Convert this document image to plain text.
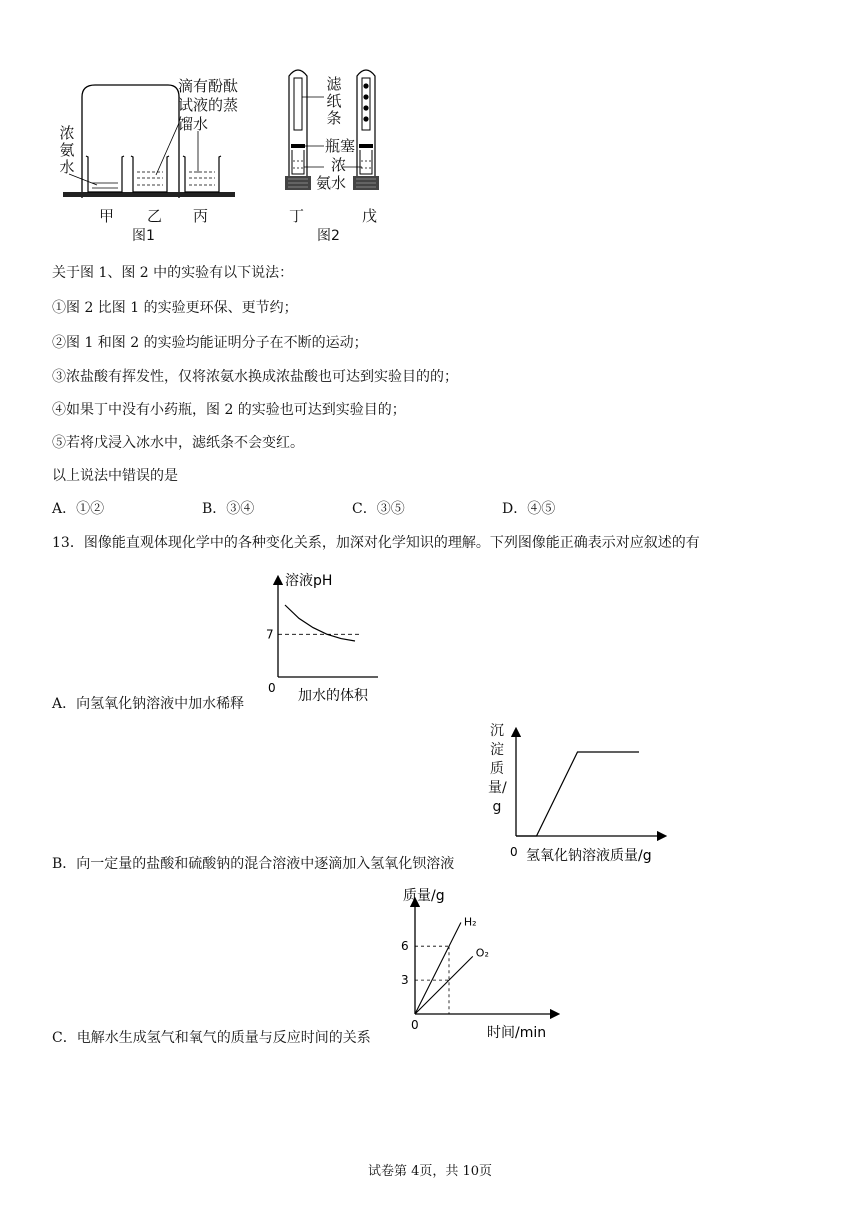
浓氨水
滴有酚酞
试液的蒸
馏水
甲 乙 丙
图1
滤纸条
瓶塞
浓
氨水
丁	戊
图2
关于图 1、图 2 中的实验有以下说法：
①图 2 比图 1 的实验更环保、更节约；
②图 1 和图 2 的实验均能证明分子在不断的运动；
③浓盐酸有挥发性，仅将浓氨水换成浓盐酸也可达到实验目的的；
④如果丁中没有小药瓶，图 2 的实验也可达到实验目的；
⑤若将戊浸入冰水中，滤纸条不会变红。
以上说法中错误的是
A．①②	B．③④	C．③⑤	D．④⑤
13．图像能直观体现化学中的各种变化关系，加深对化学知识的理解。下列图像能正确表示对应叙述的有
溶液pH
加水的体积
0
7
A．向氢氧化钠溶液中加水稀释
0 氢氧化钠溶液质量/g
沉淀质量/g
B．向一定量的盐酸和硫酸钠的混合溶液中逐滴加入氢氧化钡溶液
质量/g
时间/min
0
3
6
H₂
O₂
C．电解水生成氢气和氧气的质量与反应时间的关系
试卷第 4页，共 10页
